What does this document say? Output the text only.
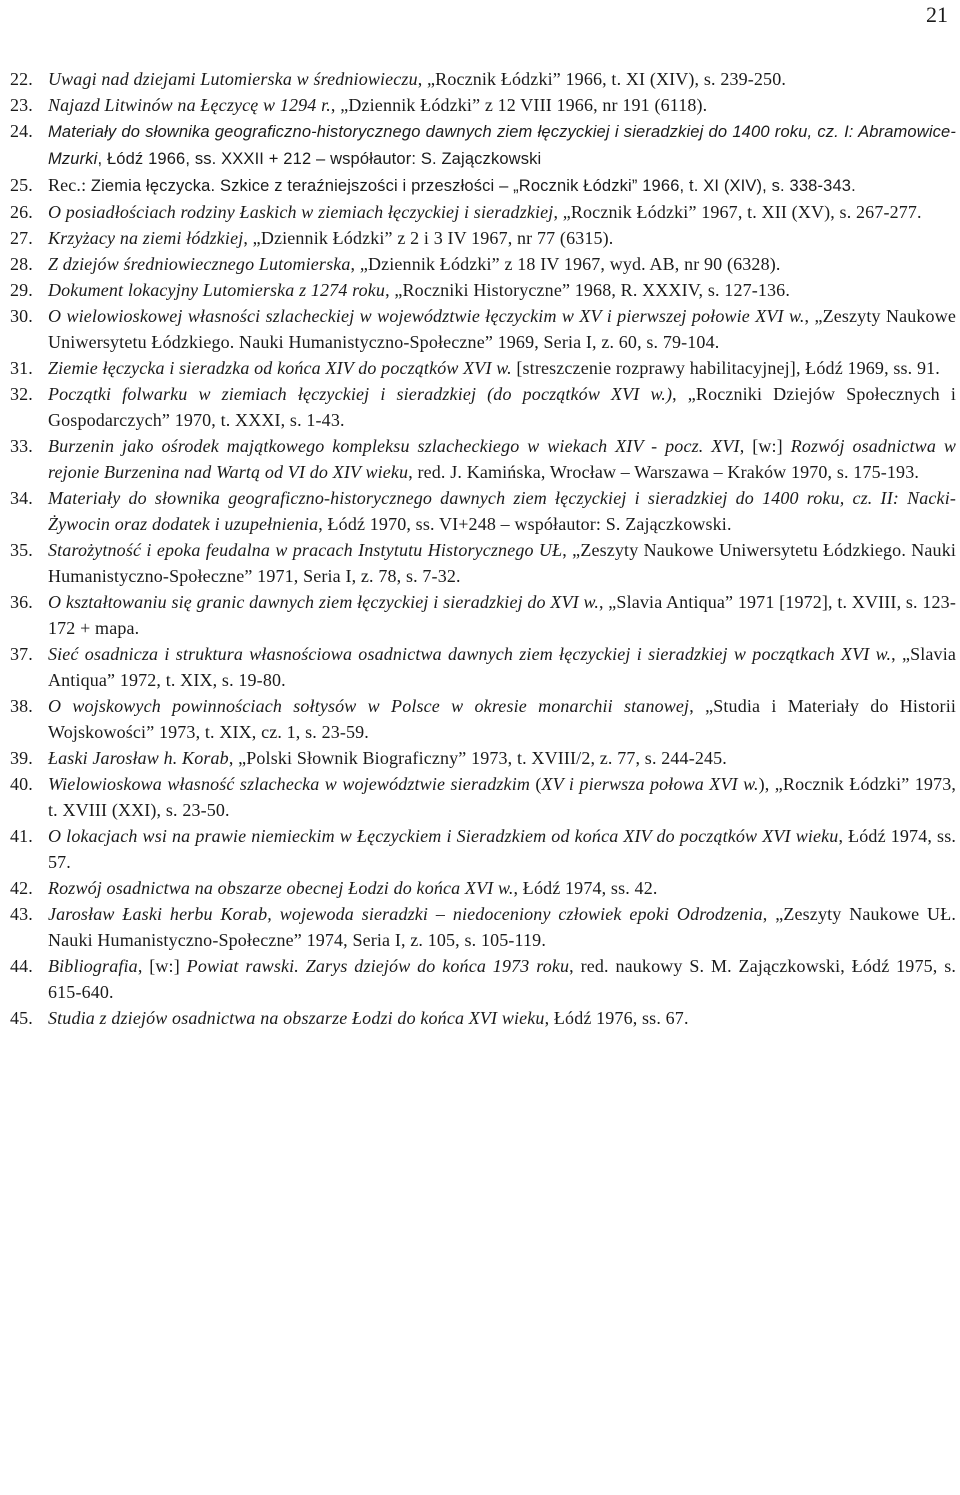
21
22. Uwagi nad dziejami Lutomierska w średniowieczu, „Rocznik Łódzki” 1966, t. XI (XIV), s. 239-250.
23. Najazd Litwinów na Łęczycę w 1294 r., „Dziennik Łódzki” z 12 VIII 1966, nr 191 (6118).
24. Materiały do słownika geograficzno-historycznego dawnych ziem łęczyckiej i sieradzkiej do 1400 roku, cz. I: Abramowice-Mzurki, Łódź 1966, ss. XXXII + 212 – współautor: S. Zajączkowski
25. Rec.: Ziemia łęczycka. Szkice z teraźniejszości i przeszłości – „Rocznik Łódzki” 1966, t. XI (XIV), s. 338-343.
26. O posiadłościach rodziny Łaskich w ziemiach łęczyckiej i sieradzkiej, „Rocznik Łódzki” 1967, t. XII (XV), s. 267-277.
27. Krzyżacy na ziemi łódzkiej, „Dziennik Łódzki” z 2 i 3 IV 1967, nr 77 (6315).
28. Z dziejów średniowiecznego Lutomierska, „Dziennik Łódzki” z 18 IV 1967, wyd. AB, nr 90 (6328).
29. Dokument lokacyjny Lutomierska z 1274 roku, „Roczniki Historyczne” 1968, R. XXXIV, s. 127-136.
30. O wielowioskowej własności szlacheckiej w województwie łęczyckim w XV i pierwszej połowie XVI w., „Zeszyty Naukowe Uniwersytetu Łódzkiego. Nauki Humanistyczno-Społeczne” 1969, Seria I, z. 60, s. 79-104.
31. Ziemie łęczycka i sieradzka od końca XIV do początków XVI w. [streszczenie rozprawy habilitacyjnej], Łódź 1969, ss. 91.
32. Początki folwarku w ziemiach łęczyckiej i sieradzkiej (do początków XVI w.), „Roczniki Dziejów Społecznych i Gospodarczych” 1970, t. XXXI, s. 1-43.
33. Burzenin jako ośrodek majątkowego kompleksu szlacheckiego w wiekach XIV - pocz. XVI, [w:] Rozwój osadnictwa w rejonie Burzenina nad Wartą od VI do XIV wieku, red. J. Kamińska, Wrocław – Warszawa – Kraków 1970, s. 175-193.
34. Materiały do słownika geograficzno-historycznego dawnych ziem łęczyckiej i sieradzkiej do 1400 roku, cz. II: Nacki-Żywocin oraz dodatek i uzupełnienia, Łódź 1970, ss. VI+248 – współautor: S. Zajączkowski.
35. Starożytność i epoka feudalna w pracach Instytutu Historycznego UŁ, „Zeszyty Naukowe Uniwersytetu Łódzkiego. Nauki Humanistyczno-Społeczne” 1971, Seria I, z. 78, s. 7-32.
36. O kształtowaniu się granic dawnych ziem łęczyckiej i sieradzkiej do XVI w., „Slavia Antiqua” 1971 [1972], t. XVIII, s. 123-172 + mapa.
37. Sieć osadnicza i struktura własnościowa osadnictwa dawnych ziem łęczyckiej i sieradzkiej w początkach XVI w., „Slavia Antiqua” 1972, t. XIX, s. 19-80.
38. O wojskowych powinnościach sołtysów w Polsce w okresie monarchii stanowej, „Studia i Materiały do Historii Wojskowości” 1973, t. XIX, cz. 1, s. 23-59.
39. Łaski Jarosław h. Korab, „Polski Słownik Biograficzny” 1973, t. XVIII/2, z. 77, s. 244-245.
40. Wielowioskowa własność szlachecka w województwie sieradzkim (XV i pierwsza połowa XVI w.), „Rocznik Łódzki” 1973, t. XVIII (XXI), s. 23-50.
41. O lokacjach wsi na prawie niemieckim w Łęczyckiem i Sieradzkiem od końca XIV do początków XVI wieku, Łódź 1974, ss. 57.
42. Rozwój osadnictwa na obszarze obecnej Łodzi do końca XVI w., Łódź 1974, ss. 42.
43. Jarosław Łaski herbu Korab, wojewoda sieradzki – niedoceniony człowiek epoki Odrodzenia, „Zeszyty Naukowe UŁ. Nauki Humanistyczno-Społeczne” 1974, Seria I, z. 105, s. 105-119.
44. Bibliografia, [w:] Powiat rawski. Zarys dziejów do końca 1973 roku, red. naukowy S. M. Zajączkowski, Łódź 1975, s. 615-640.
45. Studia z dziejów osadnictwa na obszarze Łodzi do końca XVI wieku, Łódź 1976, ss. 67.
